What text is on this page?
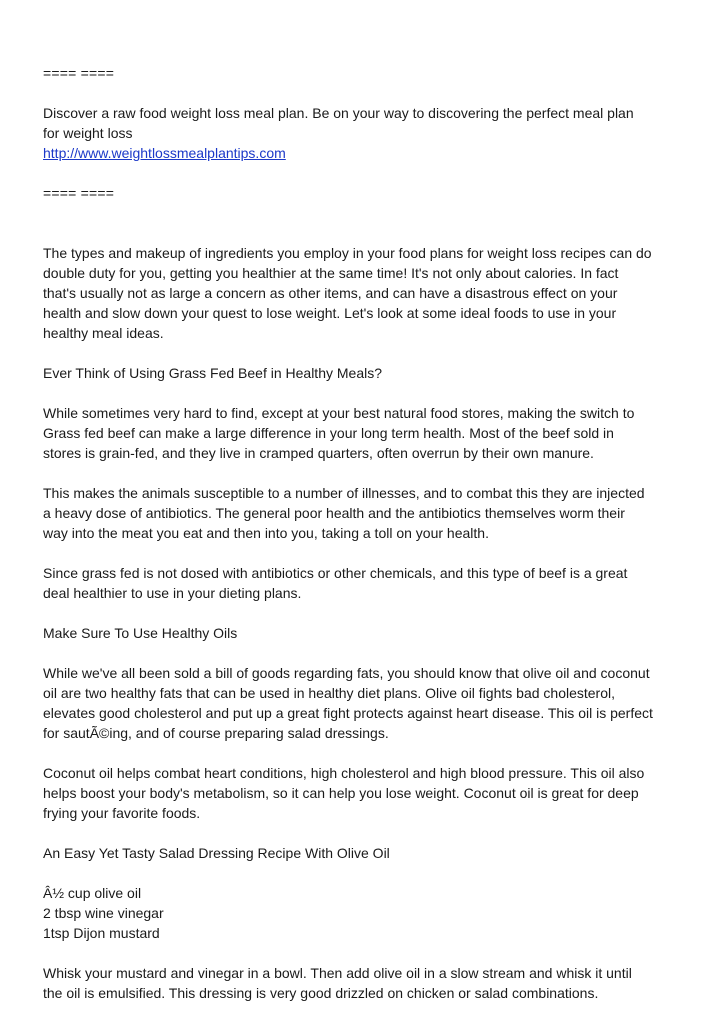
==== ====

Discover a raw food weight loss meal plan. Be on your way to discovering the perfect meal plan
for weight loss
http://www.weightlossmealplantips.com

==== ====

The types and makeup of ingredients you employ in your food plans for weight loss recipes can do
double duty for you, getting you healthier at the same time! It's not only about calories. In fact
that's usually not as large a concern as other items, and can have a disastrous effect on your
health and slow down your quest to lose weight. Let's look at some ideal foods to use in your
healthy meal ideas.

Ever Think of Using Grass Fed Beef in Healthy Meals?

While sometimes very hard to find, except at your best natural food stores, making the switch to
Grass fed beef can make a large difference in your long term health. Most of the beef sold in
stores is grain-fed, and they live in cramped quarters, often overrun by their own manure.

This makes the animals susceptible to a number of illnesses, and to combat this they are injected
a heavy dose of antibiotics. The general poor health and the antibiotics themselves worm their
way into the meat you eat and then into you, taking a toll on your health.

Since grass fed is not dosed with antibiotics or other chemicals, and this type of beef is a great
deal healthier to use in your dieting plans.

Make Sure To Use Healthy Oils

While we've all been sold a bill of goods regarding fats, you should know that olive oil and coconut
oil are two healthy fats that can be used in healthy diet plans. Olive oil fights bad cholesterol,
elevates good cholesterol and put up a great fight protects against heart disease. This oil is perfect
for sautÃ©ing, and of course preparing salad dressings.

Coconut oil helps combat heart conditions, high cholesterol and high blood pressure. This oil also
helps boost your body's metabolism, so it can help you lose weight. Coconut oil is great for deep
frying your favorite foods.

An Easy Yet Tasty Salad Dressing Recipe With Olive Oil

Â½ cup olive oil
2 tbsp wine vinegar
1tsp Dijon mustard

Whisk your mustard and vinegar in a bowl. Then add olive oil in a slow stream and whisk it until
the oil is emulsified. This dressing is very good drizzled on chicken or salad combinations.
